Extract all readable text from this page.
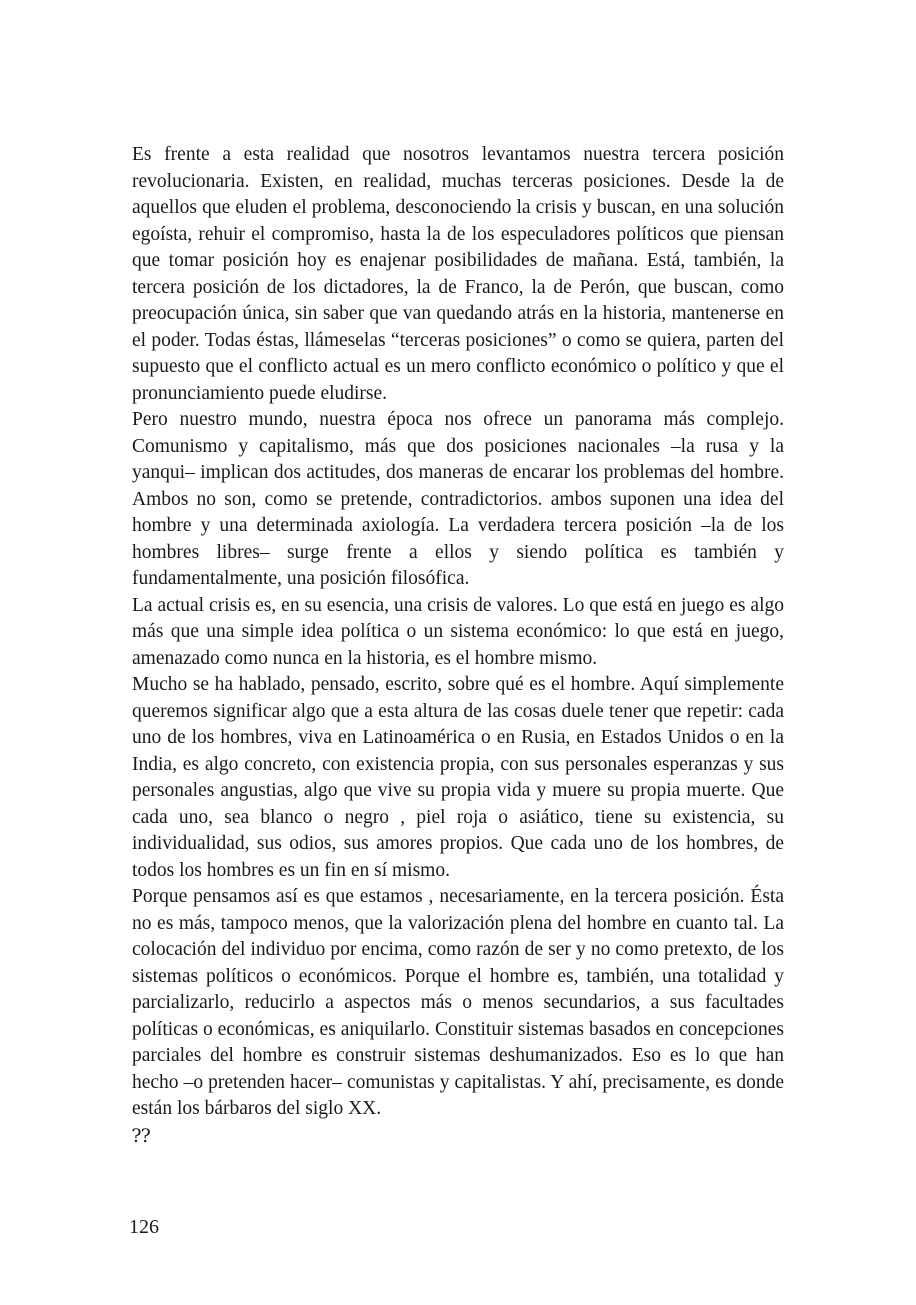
Es frente a esta realidad que nosotros levantamos nuestra tercera posición revolucionaria. Existen, en realidad, muchas terceras posiciones. Desde la de aquellos que eluden el problema, desconociendo la crisis y buscan, en una solución egoísta, rehuir el compromiso, hasta la de los especuladores políticos que piensan que tomar posición hoy es enajenar posibilidades de mañana. Está, también, la tercera posición de los dictadores, la de Franco, la de Perón, que buscan, como preocupación única, sin saber que van quedando atrás en la historia, mantenerse en el poder. Todas éstas, llámeselas “terceras posiciones” o como se quiera, parten del supuesto que el conflicto actual es un mero conflicto económico o político y que el pronunciamiento puede eludirse.

Pero nuestro mundo, nuestra época nos ofrece un panorama más complejo. Comunismo y capitalismo, más que dos posiciones nacionales –la rusa y la yanqui– implican dos actitudes, dos maneras de encarar los problemas del hombre. Ambos no son, como se pretende, contradictorios. ambos suponen una idea del hombre y una determinada axiología. La verdadera tercera posición –la de los hombres libres– surge frente a ellos y siendo política es también y fundamentalmente, una posición filosófica.

La actual crisis es, en su esencia, una crisis de valores. Lo que está en juego es algo más que una simple idea política o un sistema económico: lo que está en juego, amenazado como nunca en la historia, es el hombre mismo.

Mucho se ha hablado, pensado, escrito, sobre qué es el hombre. Aquí simplemente queremos significar algo que a esta altura de las cosas duele tener que repetir: cada uno de los hombres, viva en Latinoamérica o en Rusia, en Estados Unidos o en la India, es algo concreto, con existencia propia, con sus personales esperanzas y sus personales angustias, algo que vive su propia vida y muere su propia muerte. Que cada uno, sea blanco o negro , piel roja o asiático, tiene su existencia, su individualidad, sus odios, sus amores propios. Que cada uno de los hombres, de todos los hombres es un fin en sí mismo.

Porque pensamos así es que estamos , necesariamente, en la tercera posición. Ésta no es más, tampoco menos, que la valorización plena del hombre en cuanto tal. La colocación del individuo por encima, como razón de ser y no como pretexto, de los sistemas políticos o económicos. Porque el hombre es, también, una totalidad y parcializarlo, reducirlo a aspectos más o menos secundarios, a sus facultades políticas o económicas, es aniquilarlo. Constituir sistemas basados en concepciones parciales del hombre es construir sistemas deshumanizados. Eso es lo que han hecho –o pretenden hacer– comunistas y capitalistas. Y ahí, precisamente, es donde están los bárbaros del siglo XX.

⁇
126
